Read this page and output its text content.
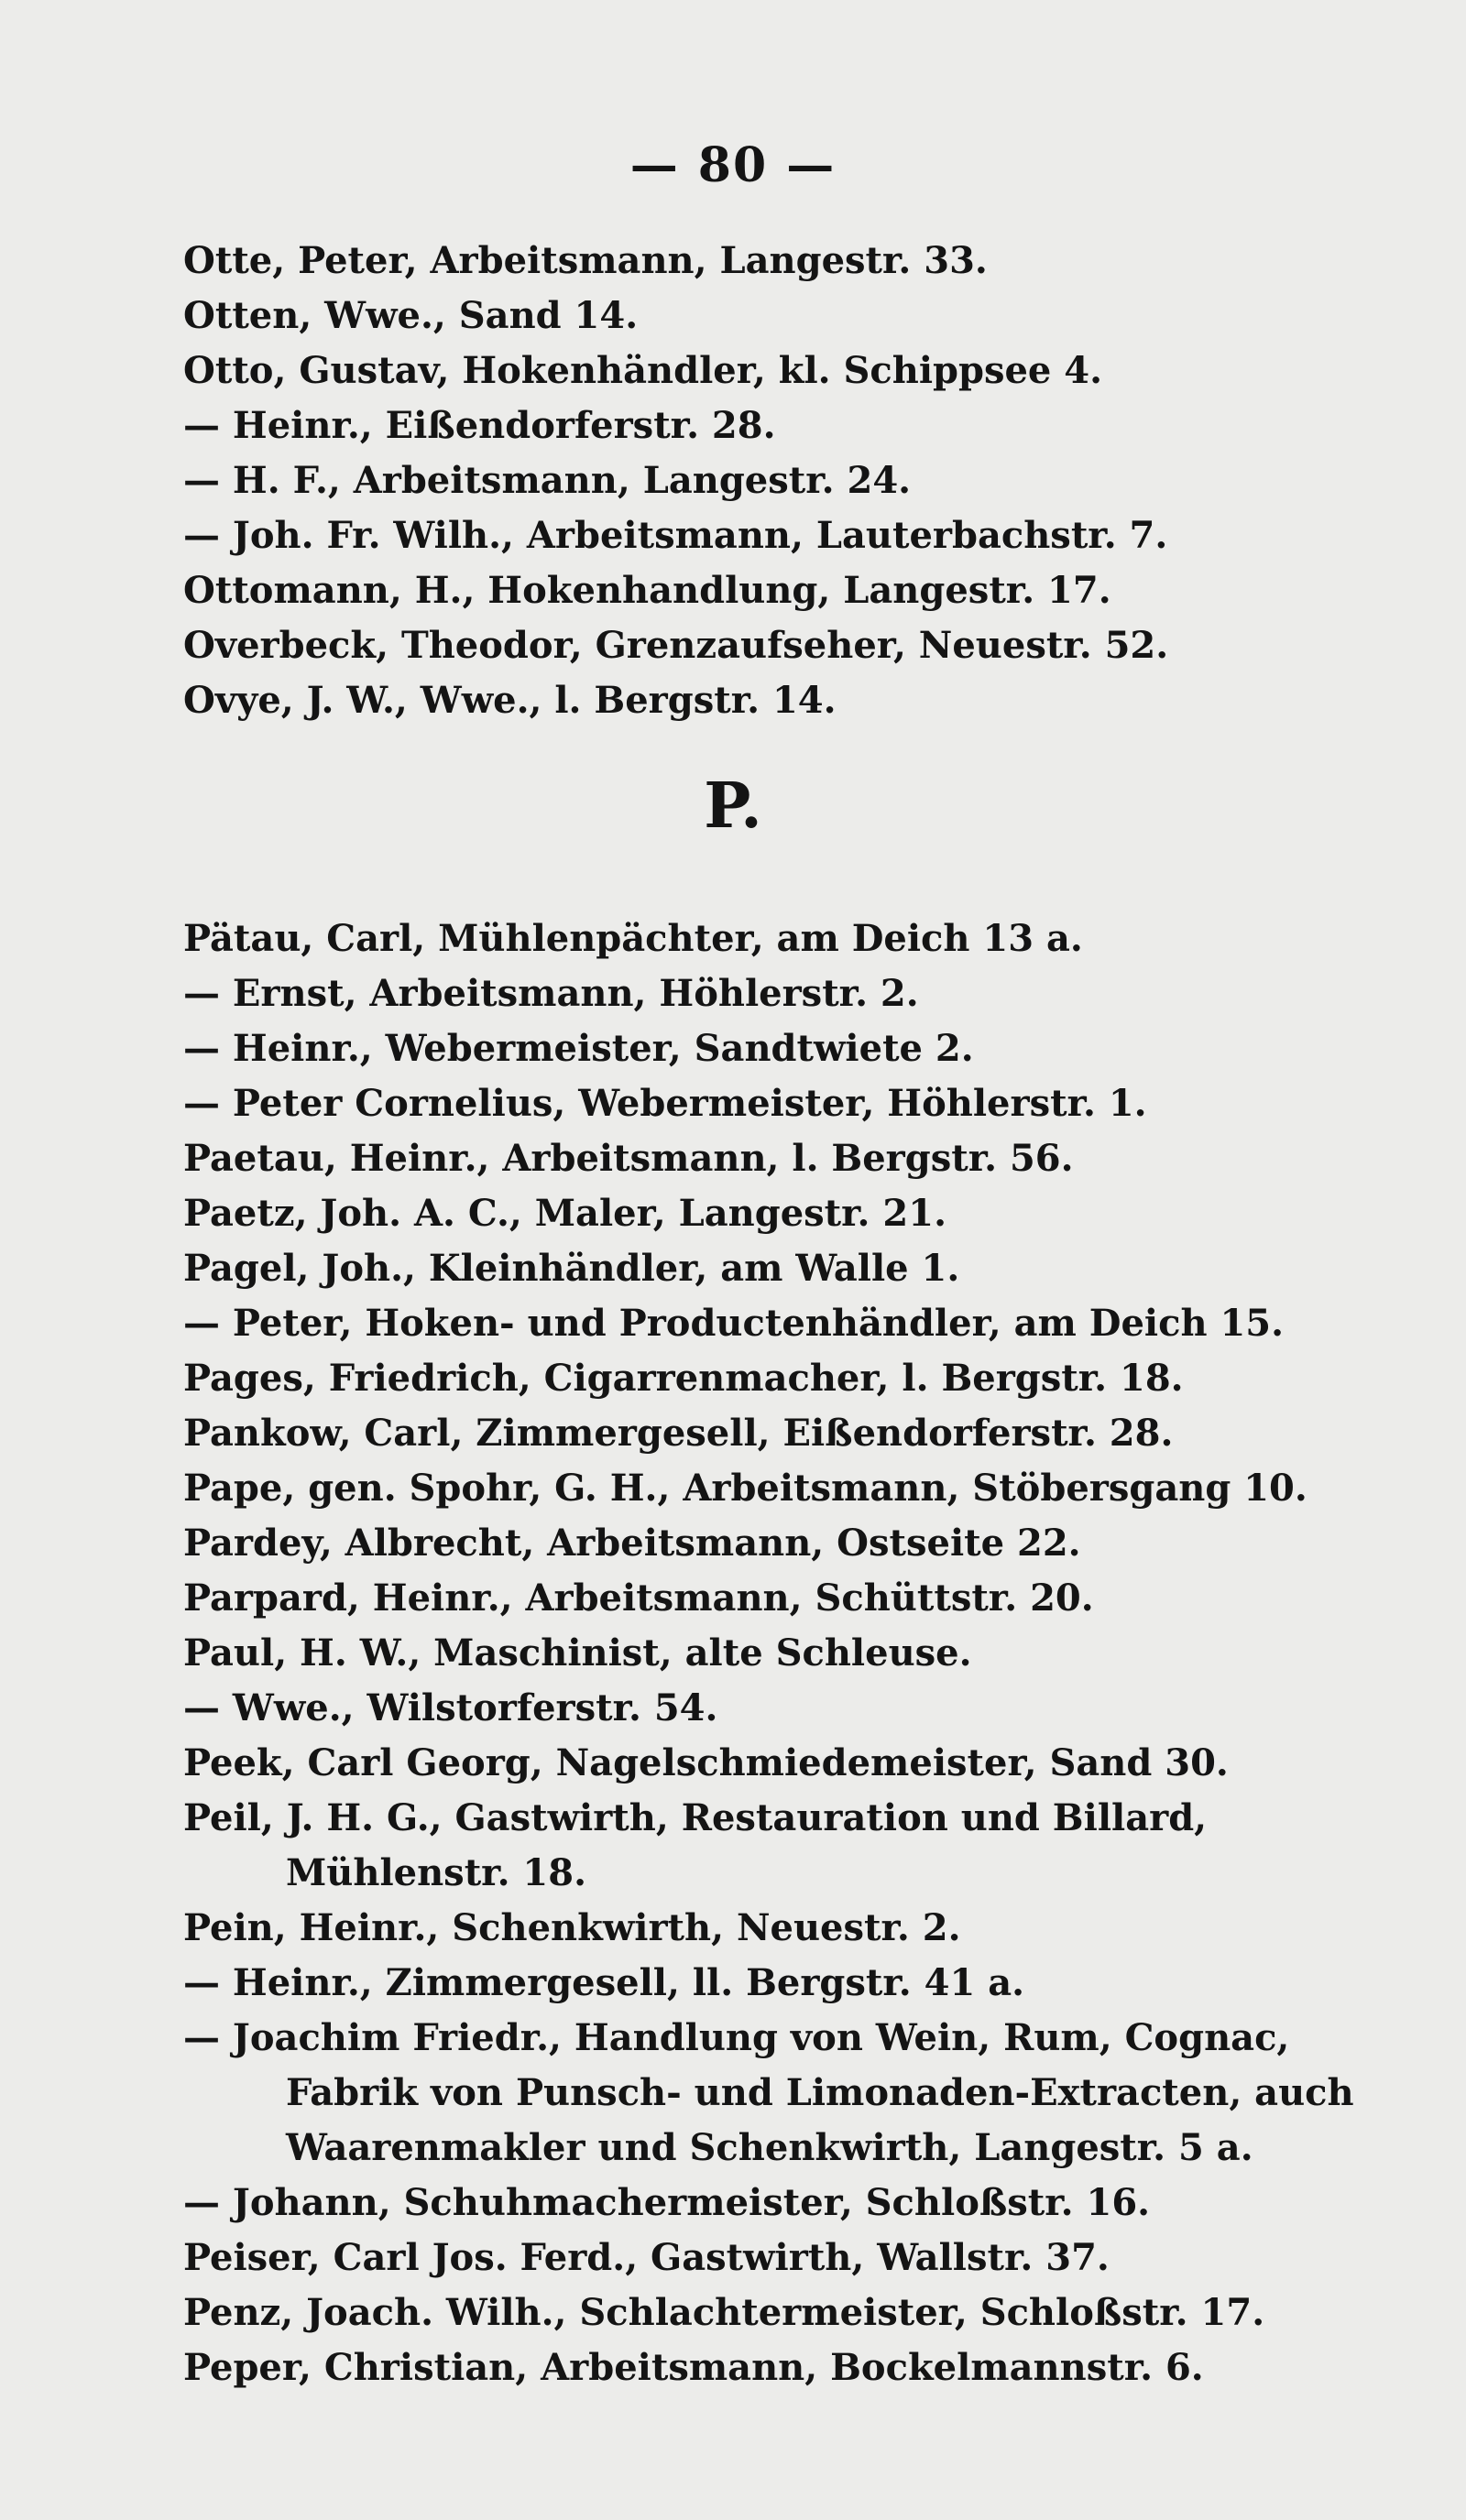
— 80 —
Otte, Peter, Arbeitsmann, Langestr. 33.
Otten, Wwe., Sand 14.
Otto, Gustav, Hokenhändler, kl. Schippsee 4.
— Heinr., Eißendorferstr. 28.
— H. F., Arbeitsmann, Langestr. 24.
— Joh. Fr. Wilh., Arbeitsmann, Lauterbachstr. 7.
Ottomann, H., Hokenhandlung, Langestr. 17.
Overbeck, Theodor, Grenzaufseher, Neuestr. 52.
Ovye, J. W., Wwe., l. Bergstr. 14.
P.
Pätau, Carl, Mühlenpächter, am Deich 13 a.
— Ernst, Arbeitsmann, Höhlerstr. 2.
— Heinr., Webermeister, Sandtwiete 2.
— Peter Cornelius, Webermeister, Höhlerstr. 1.
Paetau, Heinr., Arbeitsmann, l. Bergstr. 56.
Paetz, Joh. A. C., Maler, Langestr. 21.
Pagel, Joh., Kleinhändler, am Walle 1.
— Peter, Hoken- und Productenhändler, am Deich 15.
Pages, Friedrich, Cigarrenmacher, l. Bergstr. 18.
Pankow, Carl, Zimmergesell, Eißendorferstr. 28.
Pape, gen. Spohr, G. H., Arbeitsmann, Stöbersgang 10.
Pardey, Albrecht, Arbeitsmann, Ostseite 22.
Parpard, Heinr., Arbeitsmann, Schüttstr. 20.
Paul, H. W., Maschinist, alte Schleuse.
— Wwe., Wilstorferstr. 54.
Peek, Carl Georg, Nagelschmiedemeister, Sand 30.
Peil, J. H. G., Gastwirth, Restauration und Billard,
Mühlenstr. 18.
Pein, Heinr., Schenkwirth, Neuestr. 2.
— Heinr., Zimmergesell, ll. Bergstr. 41 a.
— Joachim Friedr., Handlung von Wein, Rum, Cognac,
Fabrik von Punsch- und Limonaden-Extracten, auch
Waarenmakler und Schenkwirth, Langestr. 5 a.
— Johann, Schuhmachermeister, Schloßstr. 16.
Peiser, Carl Jos. Ferd., Gastwirth, Wallstr. 37.
Penz, Joach. Wilh., Schlachtermeister, Schloßstr. 17.
Peper, Christian, Arbeitsmann, Bockelmannstr. 6.
